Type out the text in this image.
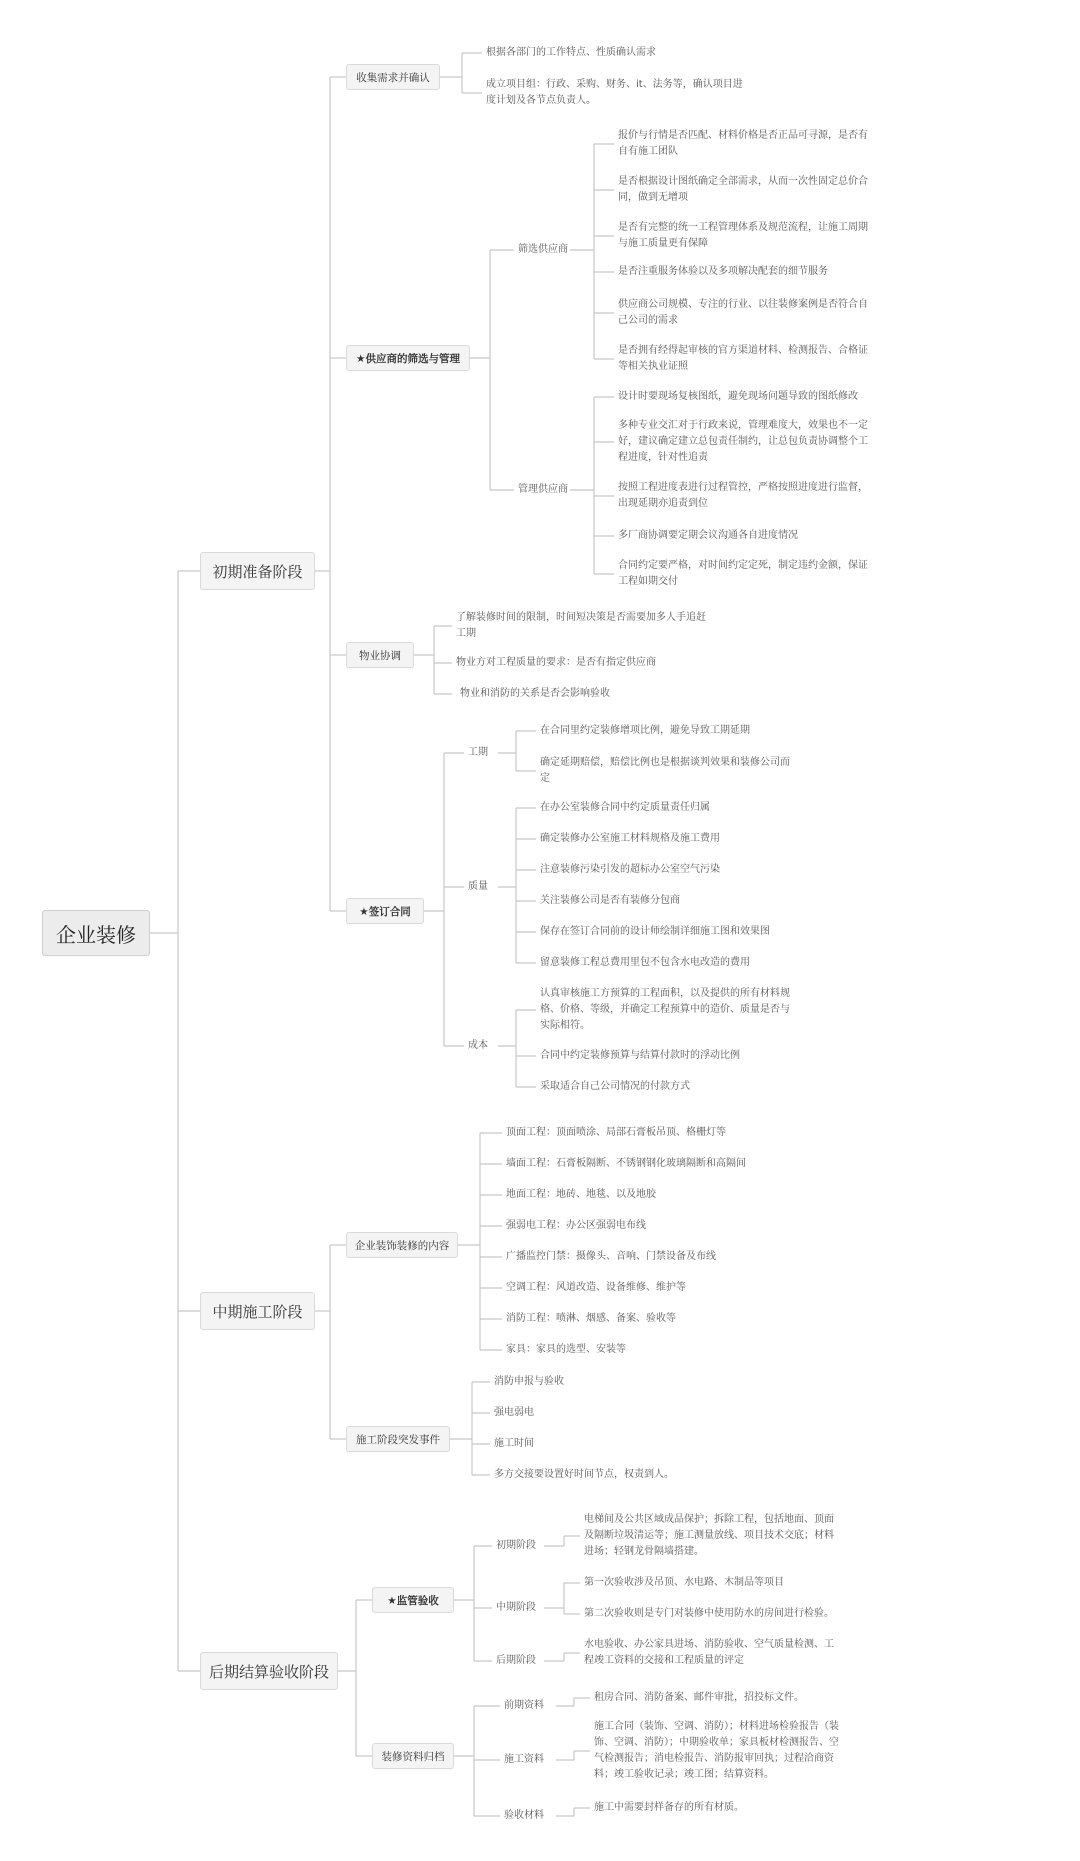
企业装修
初期准备阶段
中期施工阶段
后期结算验收阶段
收集需求并确认
★供应商的筛选与管理
物业协调
★签订合同
企业装饰装修的内容
施工阶段突发事件
★监管验收
装修资料归档
筛选供应商
管理供应商
工期
质量
成本
初期阶段
中期阶段
后期阶段
前期资料
施工资料
验收材料
根据各部门的工作特点、性质确认需求
成立项目组：行政、采购、财务、it、法务等，确认项目进度计划及各节点负责人。
报价与行情是否匹配、材料价格是否正品可寻源，是否有自有施工团队
是否根据设计图纸确定全部需求，从而一次性固定总价合同，做到无增项
是否有完整的统一工程管理体系及规范流程，让施工周期与施工质量更有保障
是否注重服务体验以及多项解决配套的细节服务
供应商公司规模、专注的行业、以往装修案例是否符合自己公司的需求
是否拥有经得起审核的官方渠道材料、检测报告、合格证等相关执业证照
设计时要现场复核图纸，避免现场问题导致的图纸修改
多种专业交汇对于行政来说，管理难度大，效果也不一定好，建议确定建立总包责任制约，让总包负责协调整个工程进度，针对性追责
按照工程进度表进行过程管控，严格按照进度进行监督，出现延期亦追责到位
多厂商协调要定期会议沟通各自进度情况
合同约定要严格，对时间约定定死，制定违约金额，保证工程如期交付
了解装修时间的限制，时间短决策是否需要加多人手追赶工期
物业方对工程质量的要求：是否有指定供应商
物业和消防的关系是否会影响验收
在合同里约定装修增项比例，避免导致工期延期
确定延期赔偿，赔偿比例也是根据谈判效果和装修公司而定
在办公室装修合同中约定质量责任归属
确定装修办公室施工材料规格及施工费用
注意装修污染引发的超标办公室空气污染
关注装修公司是否有装修分包商
保存在签订合同前的设计师绘制详细施工图和效果图
留意装修工程总费用里包不包含水电改造的费用
认真审核施工方预算的工程面积，以及提供的所有材料规格、价格、等级，并确定工程预算中的造价、质量是否与实际相符。
合同中约定装修预算与结算付款时的浮动比例
采取适合自己公司情况的付款方式
顶面工程：顶面喷涂、局部石膏板吊顶、格栅灯等
墙面工程：石膏板隔断、不锈钢钢化玻璃隔断和高隔间
地面工程：地砖、地毯、以及地胶
强弱电工程：办公区强弱电布线
广播监控门禁：摄像头、音响、门禁设备及布线
空调工程：风道改造、设备维修、维护等
消防工程：喷淋、烟感、备案、验收等
家具：家具的选型、安装等
消防申报与验收
强电弱电
施工时间
多方交接要设置好时间节点，权责到人。
电梯间及公共区域成品保护；拆除工程，包括地面、顶面及隔断垃圾清运等；施工测量放线、项目技术交底；材料进场；轻钢龙骨隔墙搭建。
第一次验收涉及吊顶、水电路、木制品等项目
第二次验收则是专门对装修中使用防水的房间进行检验。
水电验收、办公家具进场、消防验收、空气质量检测、工程竣工资料的交接和工程质量的评定
租房合同、消防备案、邮件审批，招投标文件。
施工合同（装饰、空调、消防）；材料进场检验报告（装饰、空调、消防）；中期验收单；家具板材检测报告、空气检测报告；消电检报告、消防报审回执；过程洽商资料；竣工验收记录；竣工图；结算资料。
施工中需要封样备存的所有材质。
